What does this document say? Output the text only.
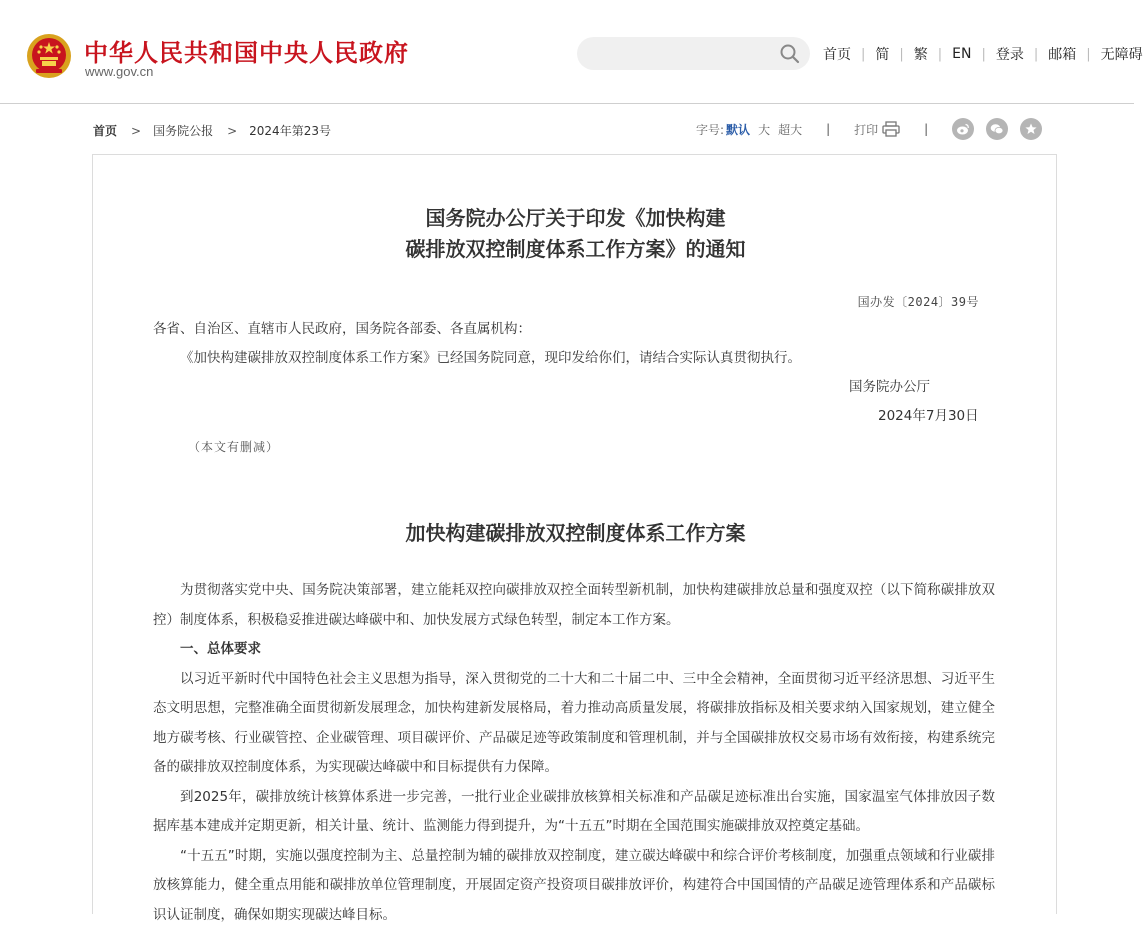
中华人民共和国中央人民政府
www.gov.cn
首页 | 简 | 繁 | EN | 登录 | 邮箱 | 无障碍
首页 > 国务院公报 > 2024年第23号	字号: 默认 大 超大 | 打印	|
国务院办公厅关于印发《加快构建
碳排放双控制度体系工作方案》的通知
国办发〔2024〕39号
各省、自治区、直辖市人民政府，国务院各部委、各直属机构：
《加快构建碳排放双控制度体系工作方案》已经国务院同意，现印发给你们，请结合实际认真贯彻执行。
国务院办公厅
2024年7月30日
（本文有删减）
加快构建碳排放双控制度体系工作方案

为贯彻落实党中央、国务院决策部署，建立能耗双控向碳排放双控全面转型新机制，加快构建碳排放总量和强度双控（以下简称碳排放双控）制度体系，积极稳妥推进碳达峰碳中和、加快发展方式绿色转型，制定本工作方案。

一、总体要求

以习近平新时代中国特色社会主义思想为指导，深入贯彻党的二十大和二十届二中、三中全会精神，全面贯彻习近平经济思想、习近平生态文明思想，完整准确全面贯彻新发展理念，加快构建新发展格局，着力推动高质量发展，将碳排放指标及相关要求纳入国家规划，建立健全地方碳考核、行业碳管控、企业碳管理、项目碳评价、产品碳足迹等政策制度和管理机制，并与全国碳排放权交易市场有效衔接，构建系统完备的碳排放双控制度体系，为实现碳达峰碳中和目标提供有力保障。

到2025年，碳排放统计核算体系进一步完善，一批行业企业碳排放核算相关标准和产品碳足迹标准出台实施，国家温室气体排放因子数据库基本建成并定期更新，相关计量、统计、监测能力得到提升，为“十五五”时期在全国范围实施碳排放双控奠定基础。

“十五五”时期，实施以强度控制为主、总量控制为辅的碳排放双控制度，建立碳达峰碳中和综合评价考核制度，加强重点领域和行业碳排放核算能力，健全重点用能和碳排放单位管理制度，开展固定资产投资项目碳排放评价，构建符合中国国情的产品碳足迹管理体系和产品碳标识认证制度，确保如期实现碳达峰目标。
